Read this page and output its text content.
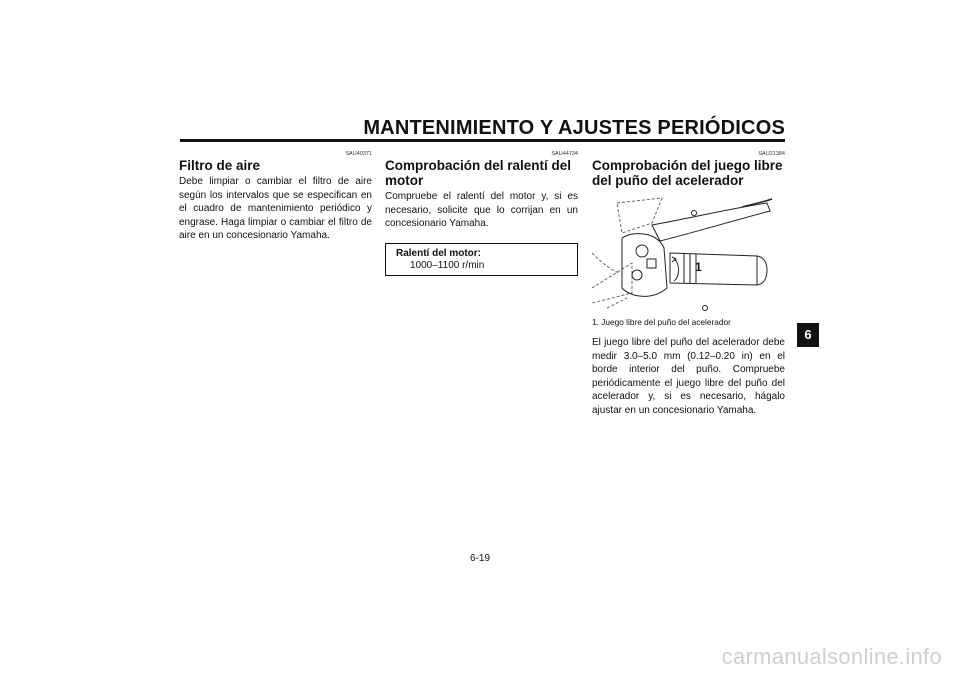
MANTENIMIENTO Y AJUSTES PERIÓDICOS
SAU40371
Filtro de aire

Debe limpiar o cambiar el filtro de aire según los intervalos que se especifican en el cuadro de mantenimiento periódico y engrase. Haga limpiar o cambiar el filtro de aire en un concesionario Yamaha.

SAU44734
Comprobación del ralentí del motor

Compruebe el ralentí del motor y, si es necesario, solicite que lo corrijan en un concesionario Yamaha.

Ralentí del motor:
1000–1100 r/min
SAU21384
Comprobación del juego libre del puño del acelerador
1
1. Juego libre del puño del acelerador

El juego libre del puño del acelerador debe medir 3.0–5.0 mm (0.12–0.20 in) en el borde interior del puño. Compruebe periódicamente el juego libre del puño del acelerador y, si es necesario, hágalo ajustar en un concesionario Yamaha.

6
6-19
carmanualsonline.info
